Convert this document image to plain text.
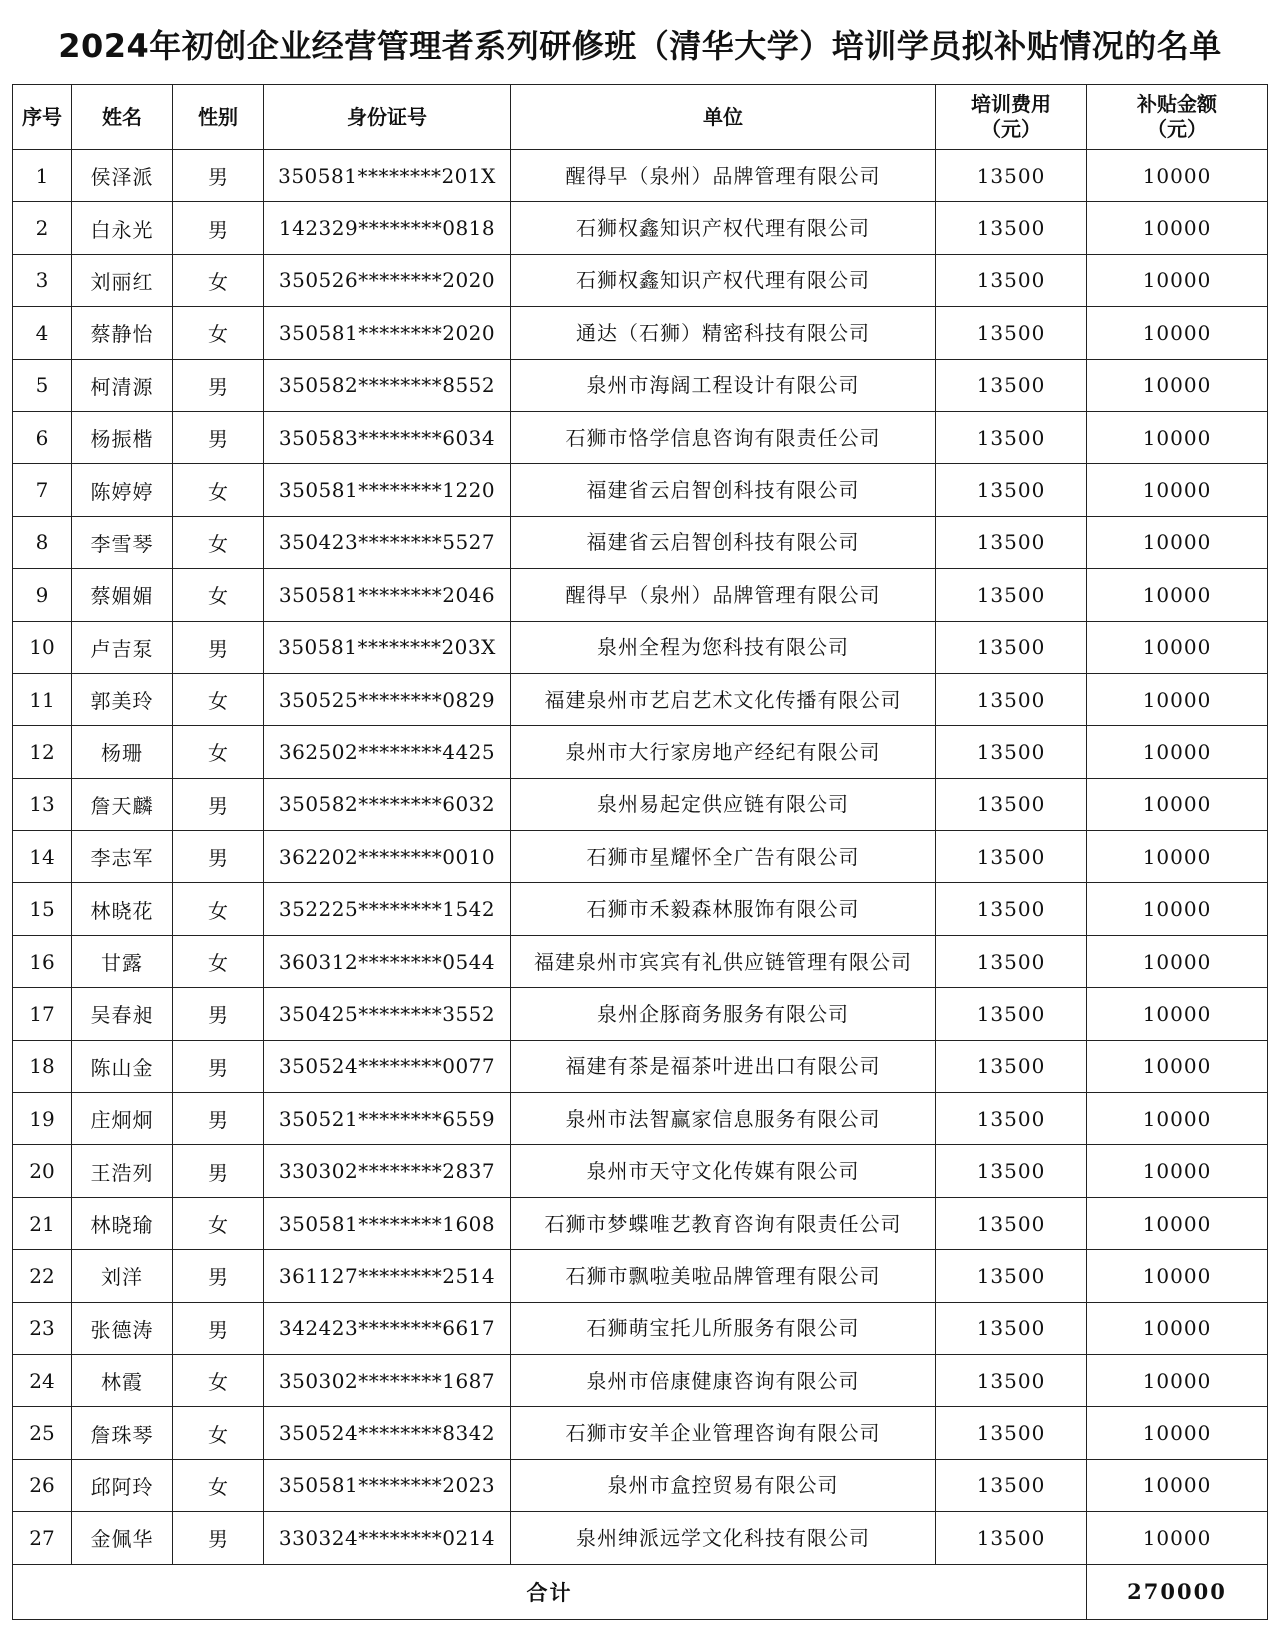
2024年初创企业经营管理者系列研修班（清华大学）培训学员拟补贴情况的名单
序号	姓名	性别	身份证号	单位	培训费用（元）	补贴金额（元）
1	侯泽派	男	350581********201X	醒得早（泉州）品牌管理有限公司	13500	10000
2	白永光	男	142329********0818	石狮权鑫知识产权代理有限公司	13500	10000
3	刘丽红	女	350526********2020	石狮权鑫知识产权代理有限公司	13500	10000
4	蔡静怡	女	350581********2020	通达（石狮）精密科技有限公司	13500	10000
5	柯清源	男	350582********8552	泉州市海阔工程设计有限公司	13500	10000
6	杨振楷	男	350583********6034	石狮市恪学信息咨询有限责任公司	13500	10000
7	陈婷婷	女	350581********1220	福建省云启智创科技有限公司	13500	10000
8	李雪琴	女	350423********5527	福建省云启智创科技有限公司	13500	10000
9	蔡媚媚	女	350581********2046	醒得早（泉州）品牌管理有限公司	13500	10000
10	卢吉泵	男	350581********203X	泉州全程为您科技有限公司	13500	10000
11	郭美玲	女	350525********0829	福建泉州市艺启艺术文化传播有限公司	13500	10000
12	杨珊	女	362502********4425	泉州市大行家房地产经纪有限公司	13500	10000
13	詹天麟	男	350582********6032	泉州易起定供应链有限公司	13500	10000
14	李志军	男	362202********0010	石狮市星耀怀全广告有限公司	13500	10000
15	林晓花	女	352225********1542	石狮市禾毅森林服饰有限公司	13500	10000
16	甘露	女	360312********0544	福建泉州市宾宾有礼供应链管理有限公司	13500	10000
17	吴春昶	男	350425********3552	泉州企豚商务服务有限公司	13500	10000
18	陈山金	男	350524********0077	福建有茶是福茶叶进出口有限公司	13500	10000
19	庄炯炯	男	350521********6559	泉州市法智赢家信息服务有限公司	13500	10000
20	王浩列	男	330302********2837	泉州市天守文化传媒有限公司	13500	10000
21	林晓瑜	女	350581********1608	石狮市梦蝶唯艺教育咨询有限责任公司	13500	10000
22	刘洋	男	361127********2514	石狮市飘啦美啦品牌管理有限公司	13500	10000
23	张德涛	男	342423********6617	石狮萌宝托儿所服务有限公司	13500	10000
24	林霞	女	350302********1687	泉州市倍康健康咨询有限公司	13500	10000
25	詹珠琴	女	350524********8342	石狮市安羊企业管理咨询有限公司	13500	10000
26	邱阿玲	女	350581********2023	泉州市盒控贸易有限公司	13500	10000
27	金佩华	男	330324********0214	泉州绅派远学文化科技有限公司	13500	10000
合计						270000
